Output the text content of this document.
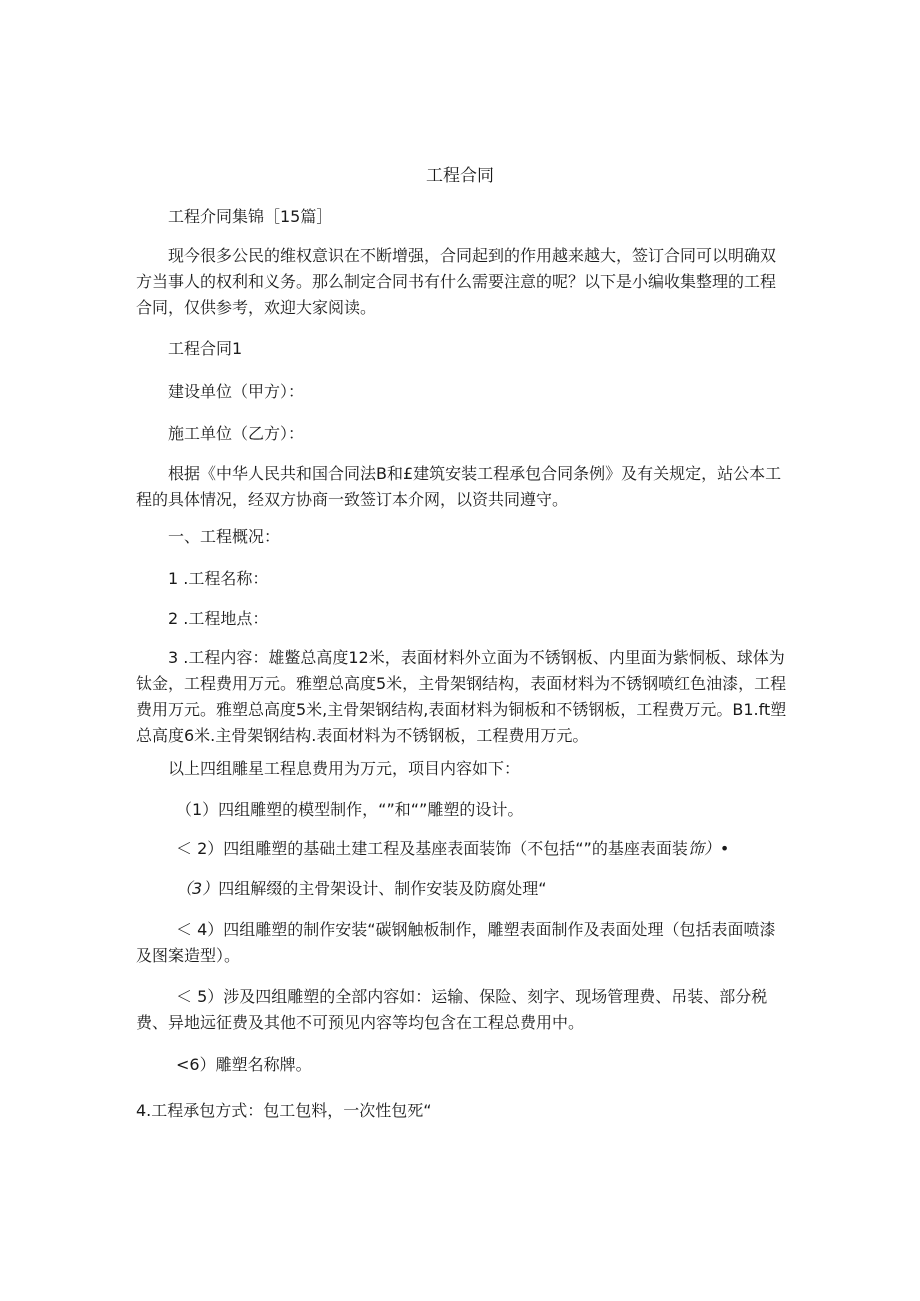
工程合同

工程介同集锦［15篇］

现今很多公民的维权意识在不断增强，合同起到的作用越来越大，签订合同可以明确双方当事人的权利和义务。那么制定合同书有什么需要注意的呢？以下是小编收集整理的工程合同，仅供参考，欢迎大家阅读。

工程合同1

建设单位（甲方）：

施工单位（乙方）：

根据《中华人民共和国合同法B和£建筑安装工程承包合同条例》及有关规定，站公本工程的具体情况，经双方协商一致签订本介网，以资共同遵守。

一、工程概况：

1 .工程名称：

2 .工程地点：

3 .工程内容：雄鳖总高度12米，表面材料外立面为不锈钢板、内里面为紫恫板、球体为钛金，工程费用万元。雅塑总高度5米，主骨架钢结构，表面材料为不锈钢喷红色油漆，工程费用万元。雅塑总高度5米,主骨架钢结构,表面材料为铜板和不锈钢板，工程费万元。B1.ft塑总高度6米.主骨架钢结构.表面材料为不锈钢板，工程费用万元。

以上四组雕星工程息费用为万元，项目内容如下：

（1）四组雕塑的模型制作，“”和“”雕塑的设计。

＜ 2）四组雕塑的基础土建工程及基座表面装饰（不包括“”的基座表面装饰）•

（3）四组解缀的主骨架设计、制作安装及防腐处理“

＜ 4）四组雕塑的制作安装“碳钢触板制作，雕塑表面制作及表面处理（包括表面喷漆及图案造型）。

＜ 5）涉及四组雕塑的全部内容如：运输、保险、刻字、现场管理费、吊装、部分税费、异地远征费及其他不可预见内容等均包含在工程总费用中。

<6）雕塑名称牌。

4.工程承包方式：包工包料，一次性包死“
